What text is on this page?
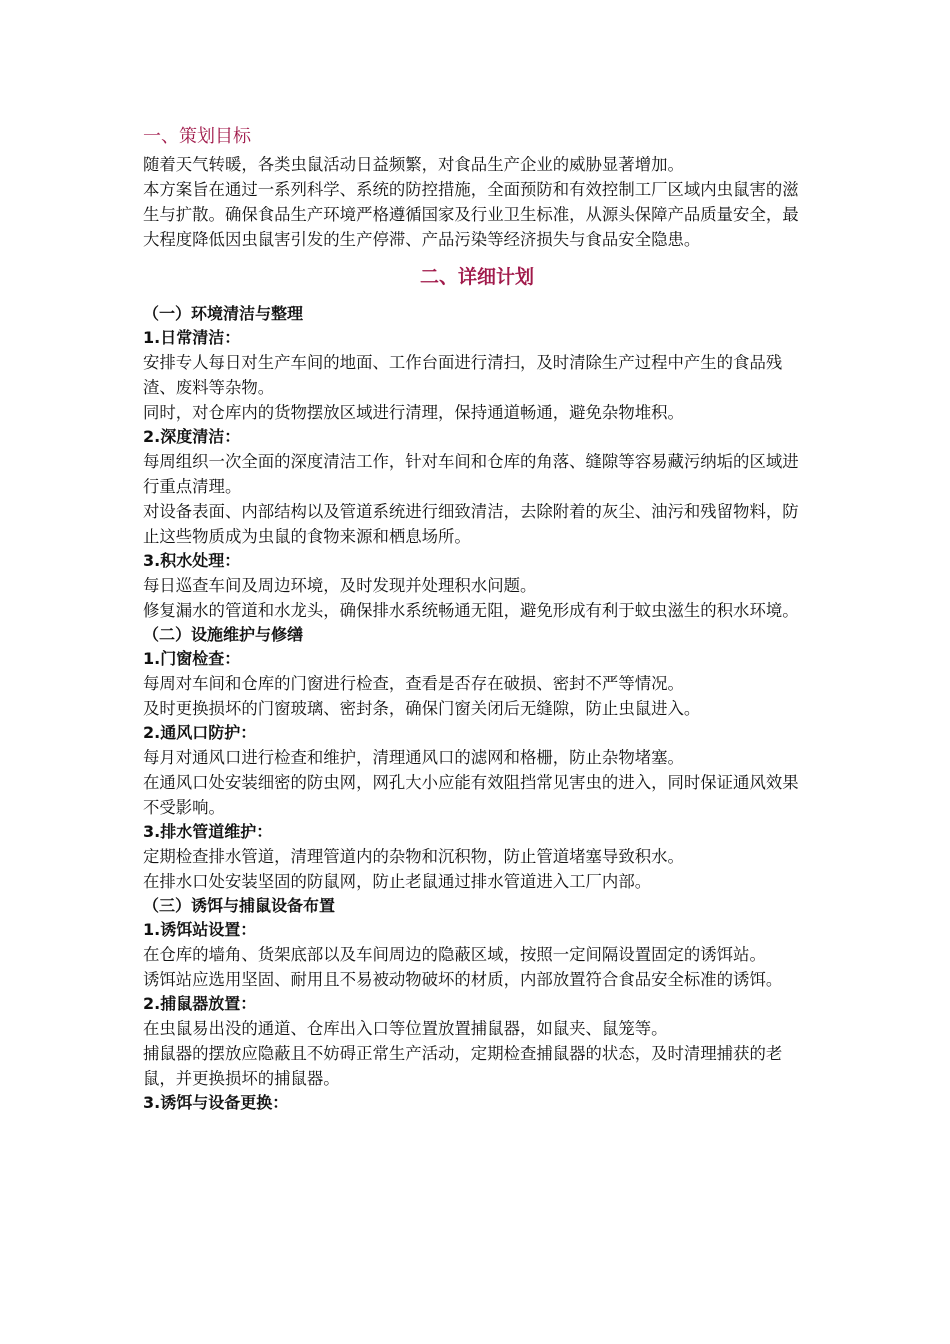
一、策划目标

随着天气转暖，各类虫鼠活动日益频繁，对食品生产企业的威胁显著增加。

本方案旨在通过一系列科学、系统的防控措施，全面预防和有效控制工厂区域内虫鼠害的滋生与扩散。确保食品生产环境严格遵循国家及行业卫生标准，从源头保障产品质量安全，最大程度降低因虫鼠害引发的生产停滞、产品污染等经济损失与食品安全隐患。

二、详细计划

（一）环境清洁与整理

1.日常清洁：

安排专人每日对生产车间的地面、工作台面进行清扫，及时清除生产过程中产生的食品残渣、废料等杂物。

同时，对仓库内的货物摆放区域进行清理，保持通道畅通，避免杂物堆积。

2.深度清洁：

每周组织一次全面的深度清洁工作，针对车间和仓库的角落、缝隙等容易藏污纳垢的区域进行重点清理。

对设备表面、内部结构以及管道系统进行细致清洁，去除附着的灰尘、油污和残留物料，防止这些物质成为虫鼠的食物来源和栖息场所。

3.积水处理：

每日巡查车间及周边环境，及时发现并处理积水问题。

修复漏水的管道和水龙头，确保排水系统畅通无阻，避免形成有利于蚊虫滋生的积水环境。

（二）设施维护与修缮

1.门窗检查：

每周对车间和仓库的门窗进行检查，查看是否存在破损、密封不严等情况。

及时更换损坏的门窗玻璃、密封条，确保门窗关闭后无缝隙，防止虫鼠进入。

2.通风口防护：

每月对通风口进行检查和维护，清理通风口的滤网和格栅，防止杂物堵塞。

在通风口处安装细密的防虫网，网孔大小应能有效阻挡常见害虫的进入，同时保证通风效果不受影响。

3.排水管道维护：

定期检查排水管道，清理管道内的杂物和沉积物，防止管道堵塞导致积水。

在排水口处安装坚固的防鼠网，防止老鼠通过排水管道进入工厂内部。

（三）诱饵与捕鼠设备布置

1.诱饵站设置：

在仓库的墙角、货架底部以及车间周边的隐蔽区域，按照一定间隔设置固定的诱饵站。

诱饵站应选用坚固、耐用且不易被动物破坏的材质，内部放置符合食品安全标准的诱饵。

2.捕鼠器放置：

在虫鼠易出没的通道、仓库出入口等位置放置捕鼠器，如鼠夹、鼠笼等。

捕鼠器的摆放应隐蔽且不妨碍正常生产活动，定期检查捕鼠器的状态，及时清理捕获的老鼠，并更换损坏的捕鼠器。

3.诱饵与设备更换：
